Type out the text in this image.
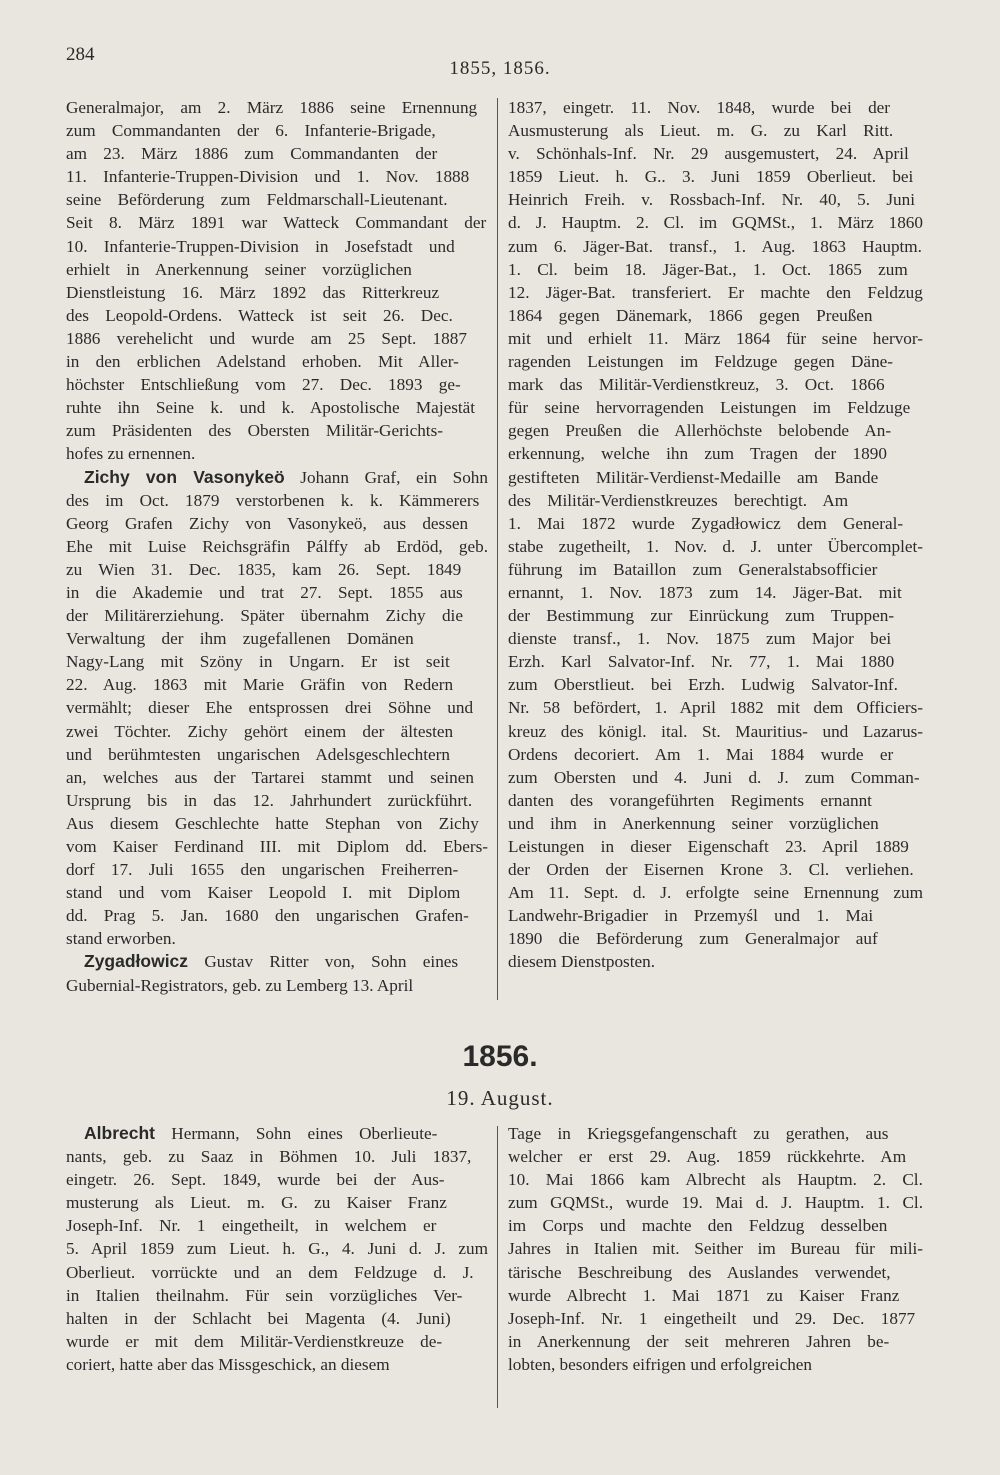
284
1855, 1856.
Generalmajor, am 2. März 1886 seine Ernennung
zum Commandanten der 6. Infanterie-Brigade,
am 23. März 1886 zum Commandanten der
11. Infanterie-Truppen-Division und 1. Nov. 1888
seine Beförderung zum Feldmarschall-Lieutenant.
Seit 8. März 1891 war Watteck Commandant der
10. Infanterie-Truppen-Division in Josefstadt und
erhielt in Anerkennung seiner vorzüglichen
Dienstleistung 16. März 1892 das Ritterkreuz
des Leopold-Ordens. Watteck ist seit 26. Dec.
1886 verehelicht und wurde am 25 Sept. 1887
in den erblichen Adelstand erhoben. Mit Aller-
höchster Entschließung vom 27. Dec. 1893 ge-
ruhte ihn Seine k. und k. Apostolische Majestät
zum Präsidenten des Obersten Militär-Gerichts-
hofes zu ernennen.
Zichy von Vasonykeö Johann Graf, ein Sohn
des im Oct. 1879 verstorbenen k. k. Kämmerers
Georg Grafen Zichy von Vasonykeö, aus dessen
Ehe mit Luise Reichsgräfin Pálffy ab Erdöd, geb.
zu Wien 31. Dec. 1835, kam 26. Sept. 1849
in die Akademie und trat 27. Sept. 1855 aus
der Militärerziehung. Später übernahm Zichy die
Verwaltung der ihm zugefallenen Domänen
Nagy-Lang mit Szöny in Ungarn. Er ist seit
22. Aug. 1863 mit Marie Gräfin von Redern
vermählt; dieser Ehe entsprossen drei Söhne und
zwei Töchter. Zichy gehört einem der ältesten
und berühmtesten ungarischen Adelsgeschlechtern
an, welches aus der Tartarei stammt und seinen
Ursprung bis in das 12. Jahrhundert zurückführt.
Aus diesem Geschlechte hatte Stephan von Zichy
vom Kaiser Ferdinand III. mit Diplom dd. Ebers-
dorf 17. Juli 1655 den ungarischen Freiherren-
stand und vom Kaiser Leopold I. mit Diplom
dd. Prag 5. Jan. 1680 den ungarischen Grafen-
stand erworben.
Zygadłowicz Gustav Ritter von, Sohn eines
Gubernial-Registrators, geb. zu Lemberg 13. April
1837, eingetr. 11. Nov. 1848, wurde bei der
Ausmusterung als Lieut. m. G. zu Karl Ritt.
v. Schönhals-Inf. Nr. 29 ausgemustert, 24. April
1859 Lieut. h. G.. 3. Juni 1859 Oberlieut. bei
Heinrich Freih. v. Rossbach-Inf. Nr. 40, 5. Juni
d. J. Hauptm. 2. Cl. im GQMSt., 1. März 1860
zum 6. Jäger-Bat. transf., 1. Aug. 1863 Hauptm.
1. Cl. beim 18. Jäger-Bat., 1. Oct. 1865 zum
12. Jäger-Bat. transferiert. Er machte den Feldzug
1864 gegen Dänemark, 1866 gegen Preußen
mit und erhielt 11. März 1864 für seine hervor-
ragenden Leistungen im Feldzuge gegen Däne-
mark das Militär-Verdienstkreuz, 3. Oct. 1866
für seine hervorragenden Leistungen im Feldzuge
gegen Preußen die Allerhöchste belobende An-
erkennung, welche ihn zum Tragen der 1890
gestifteten Militär-Verdienst-Medaille am Bande
des Militär-Verdienstkreuzes berechtigt. Am
1. Mai 1872 wurde Zygadłowicz dem General-
stabe zugetheilt, 1. Nov. d. J. unter Übercomplet-
führung im Bataillon zum Generalstabsofficier
ernannt, 1. Nov. 1873 zum 14. Jäger-Bat. mit
der Bestimmung zur Einrückung zum Truppen-
dienste transf., 1. Nov. 1875 zum Major bei
Erzh. Karl Salvator-Inf. Nr. 77, 1. Mai 1880
zum Oberstlieut. bei Erzh. Ludwig Salvator-Inf.
Nr. 58 befördert, 1. April 1882 mit dem Officiers-
kreuz des königl. ital. St. Mauritius- und Lazarus-
Ordens decoriert. Am 1. Mai 1884 wurde er
zum Obersten und 4. Juni d. J. zum Comman-
danten des vorangeführten Regiments ernannt
und ihm in Anerkennung seiner vorzüglichen
Leistungen in dieser Eigenschaft 23. April 1889
der Orden der Eisernen Krone 3. Cl. verliehen.
Am 11. Sept. d. J. erfolgte seine Ernennung zum
Landwehr-Brigadier in Przemyśl und 1. Mai
1890 die Beförderung zum Generalmajor auf
diesem Dienstposten.
1856.
19. August.
Albrecht Hermann, Sohn eines Oberlieute-
nants, geb. zu Saaz in Böhmen 10. Juli 1837,
eingetr. 26. Sept. 1849, wurde bei der Aus-
musterung als Lieut. m. G. zu Kaiser Franz
Joseph-Inf. Nr. 1 eingetheilt, in welchem er
5. April 1859 zum Lieut. h. G., 4. Juni d. J. zum
Oberlieut. vorrückte und an dem Feldzuge d. J.
in Italien theilnahm. Für sein vorzügliches Ver-
halten in der Schlacht bei Magenta (4. Juni)
wurde er mit dem Militär-Verdienstkreuze de-
coriert, hatte aber das Missgeschick, an diesem
Tage in Kriegsgefangenschaft zu gerathen, aus
welcher er erst 29. Aug. 1859 rückkehrte. Am
10. Mai 1866 kam Albrecht als Hauptm. 2. Cl.
zum GQMSt., wurde 19. Mai d. J. Hauptm. 1. Cl.
im Corps und machte den Feldzug desselben
Jahres in Italien mit. Seither im Bureau für mili-
tärische Beschreibung des Auslandes verwendet,
wurde Albrecht 1. Mai 1871 zu Kaiser Franz
Joseph-Inf. Nr. 1 eingetheilt und 29. Dec. 1877
in Anerkennung der seit mehreren Jahren be-
lobten, besonders eifrigen und erfolgreichen
